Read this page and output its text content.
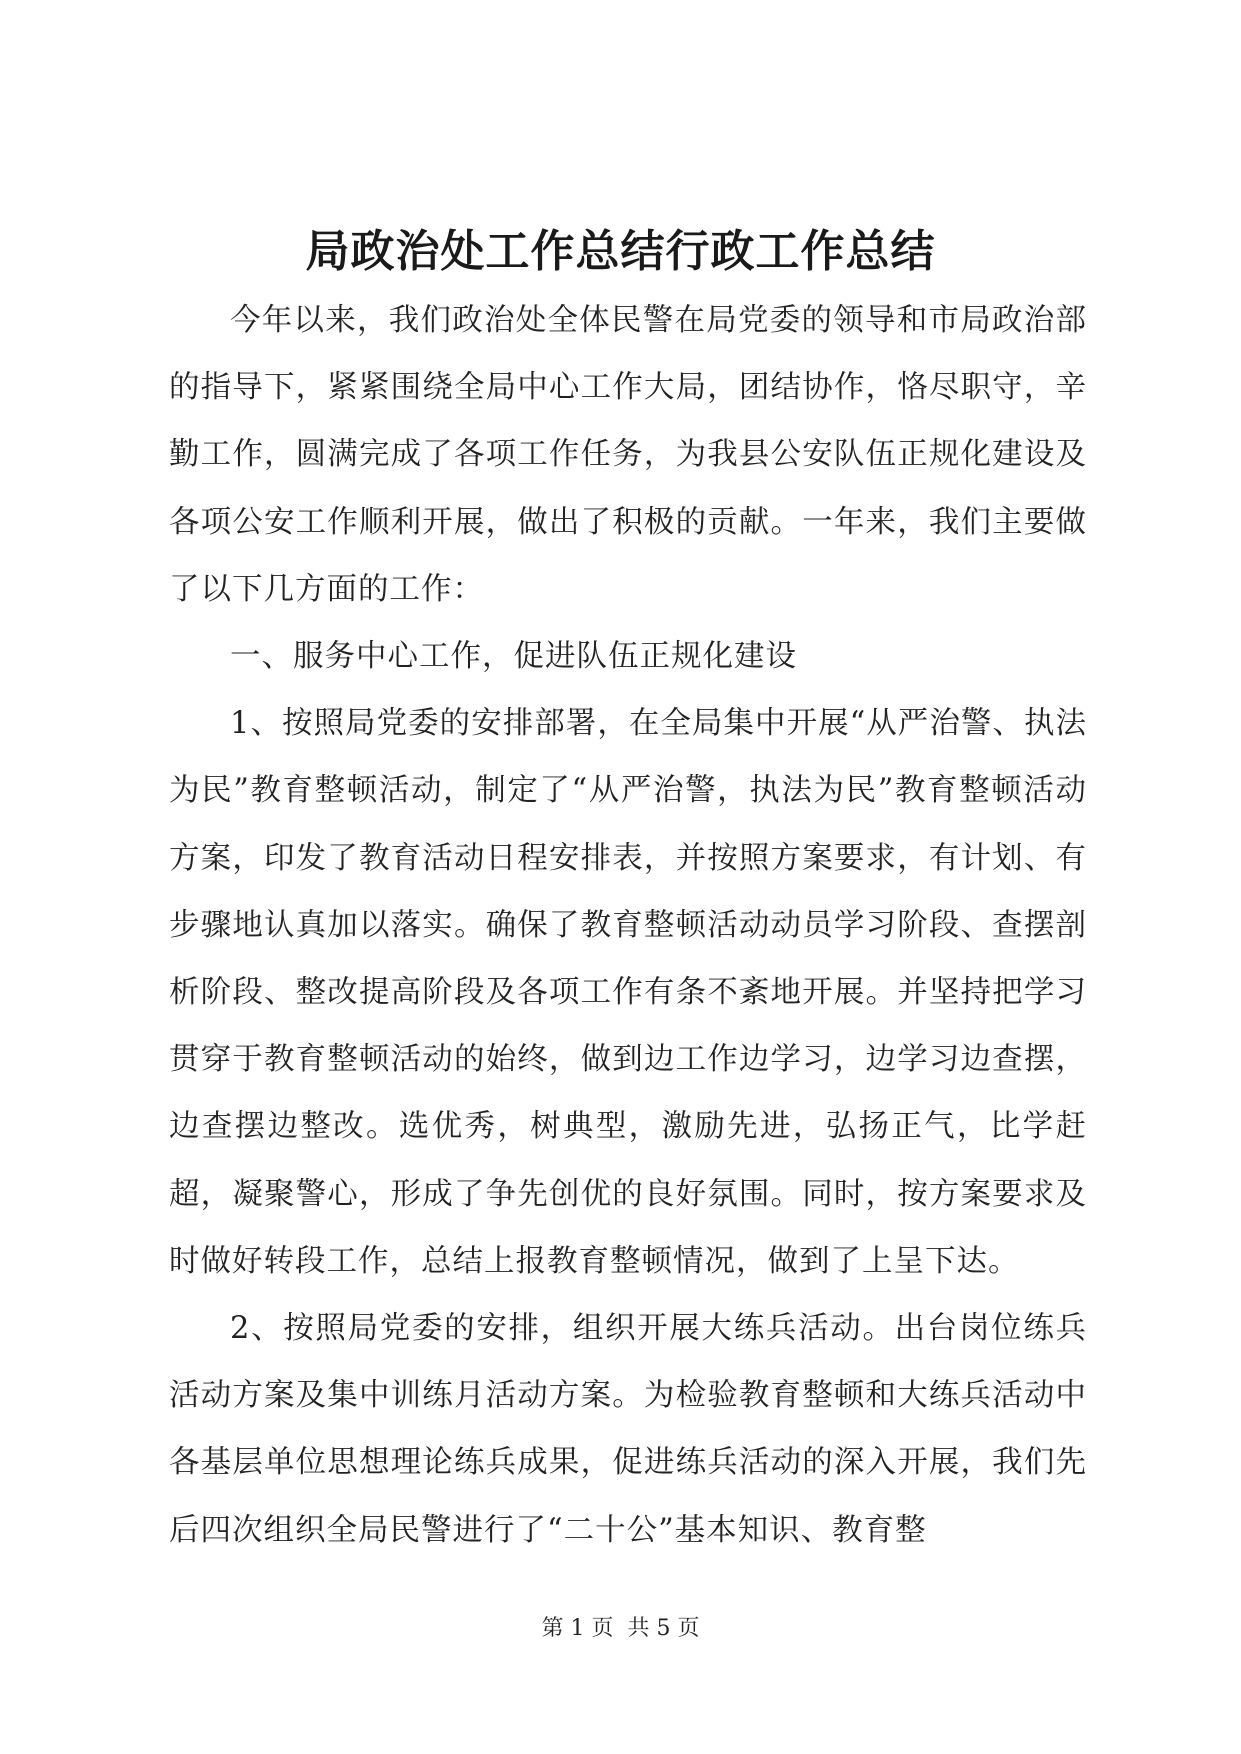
局政治处工作总结行政工作总结

今年以来，我们政治处全体民警在局党委的领导和市局政治部的指导下，紧紧围绕全局中心工作大局，团结协作，恪尽职守，辛勤工作，圆满完成了各项工作任务，为我县公安队伍正规化建设及各项公安工作顺利开展，做出了积极的贡献。一年来，我们主要做了以下几方面的工作：

一、服务中心工作，促进队伍正规化建设

1、按照局党委的安排部署，在全局集中开展“从严治警、执法为民”教育整顿活动，制定了“从严治警，执法为民”教育整顿活动方案，印发了教育活动日程安排表，并按照方案要求，有计划、有步骤地认真加以落实。确保了教育整顿活动动员学习阶段、查摆剖析阶段、整改提高阶段及各项工作有条不紊地开展。并坚持把学习贯穿于教育整顿活动的始终，做到边工作边学习，边学习边查摆，边查摆边整改。选优秀，树典型，激励先进，弘扬正气，比学赶超，凝聚警心，形成了争先创优的良好氛围。同时，按方案要求及时做好转段工作，总结上报教育整顿情况，做到了上呈下达。

2、按照局党委的安排，组织开展大练兵活动。出台岗位练兵活动方案及集中训练月活动方案。为检验教育整顿和大练兵活动中各基层单位思想理论练兵成果，促进练兵活动的深入开展，我们先后四次组织全局民警进行了“二十公”基本知识、教育整

第 1 页  共 5 页
